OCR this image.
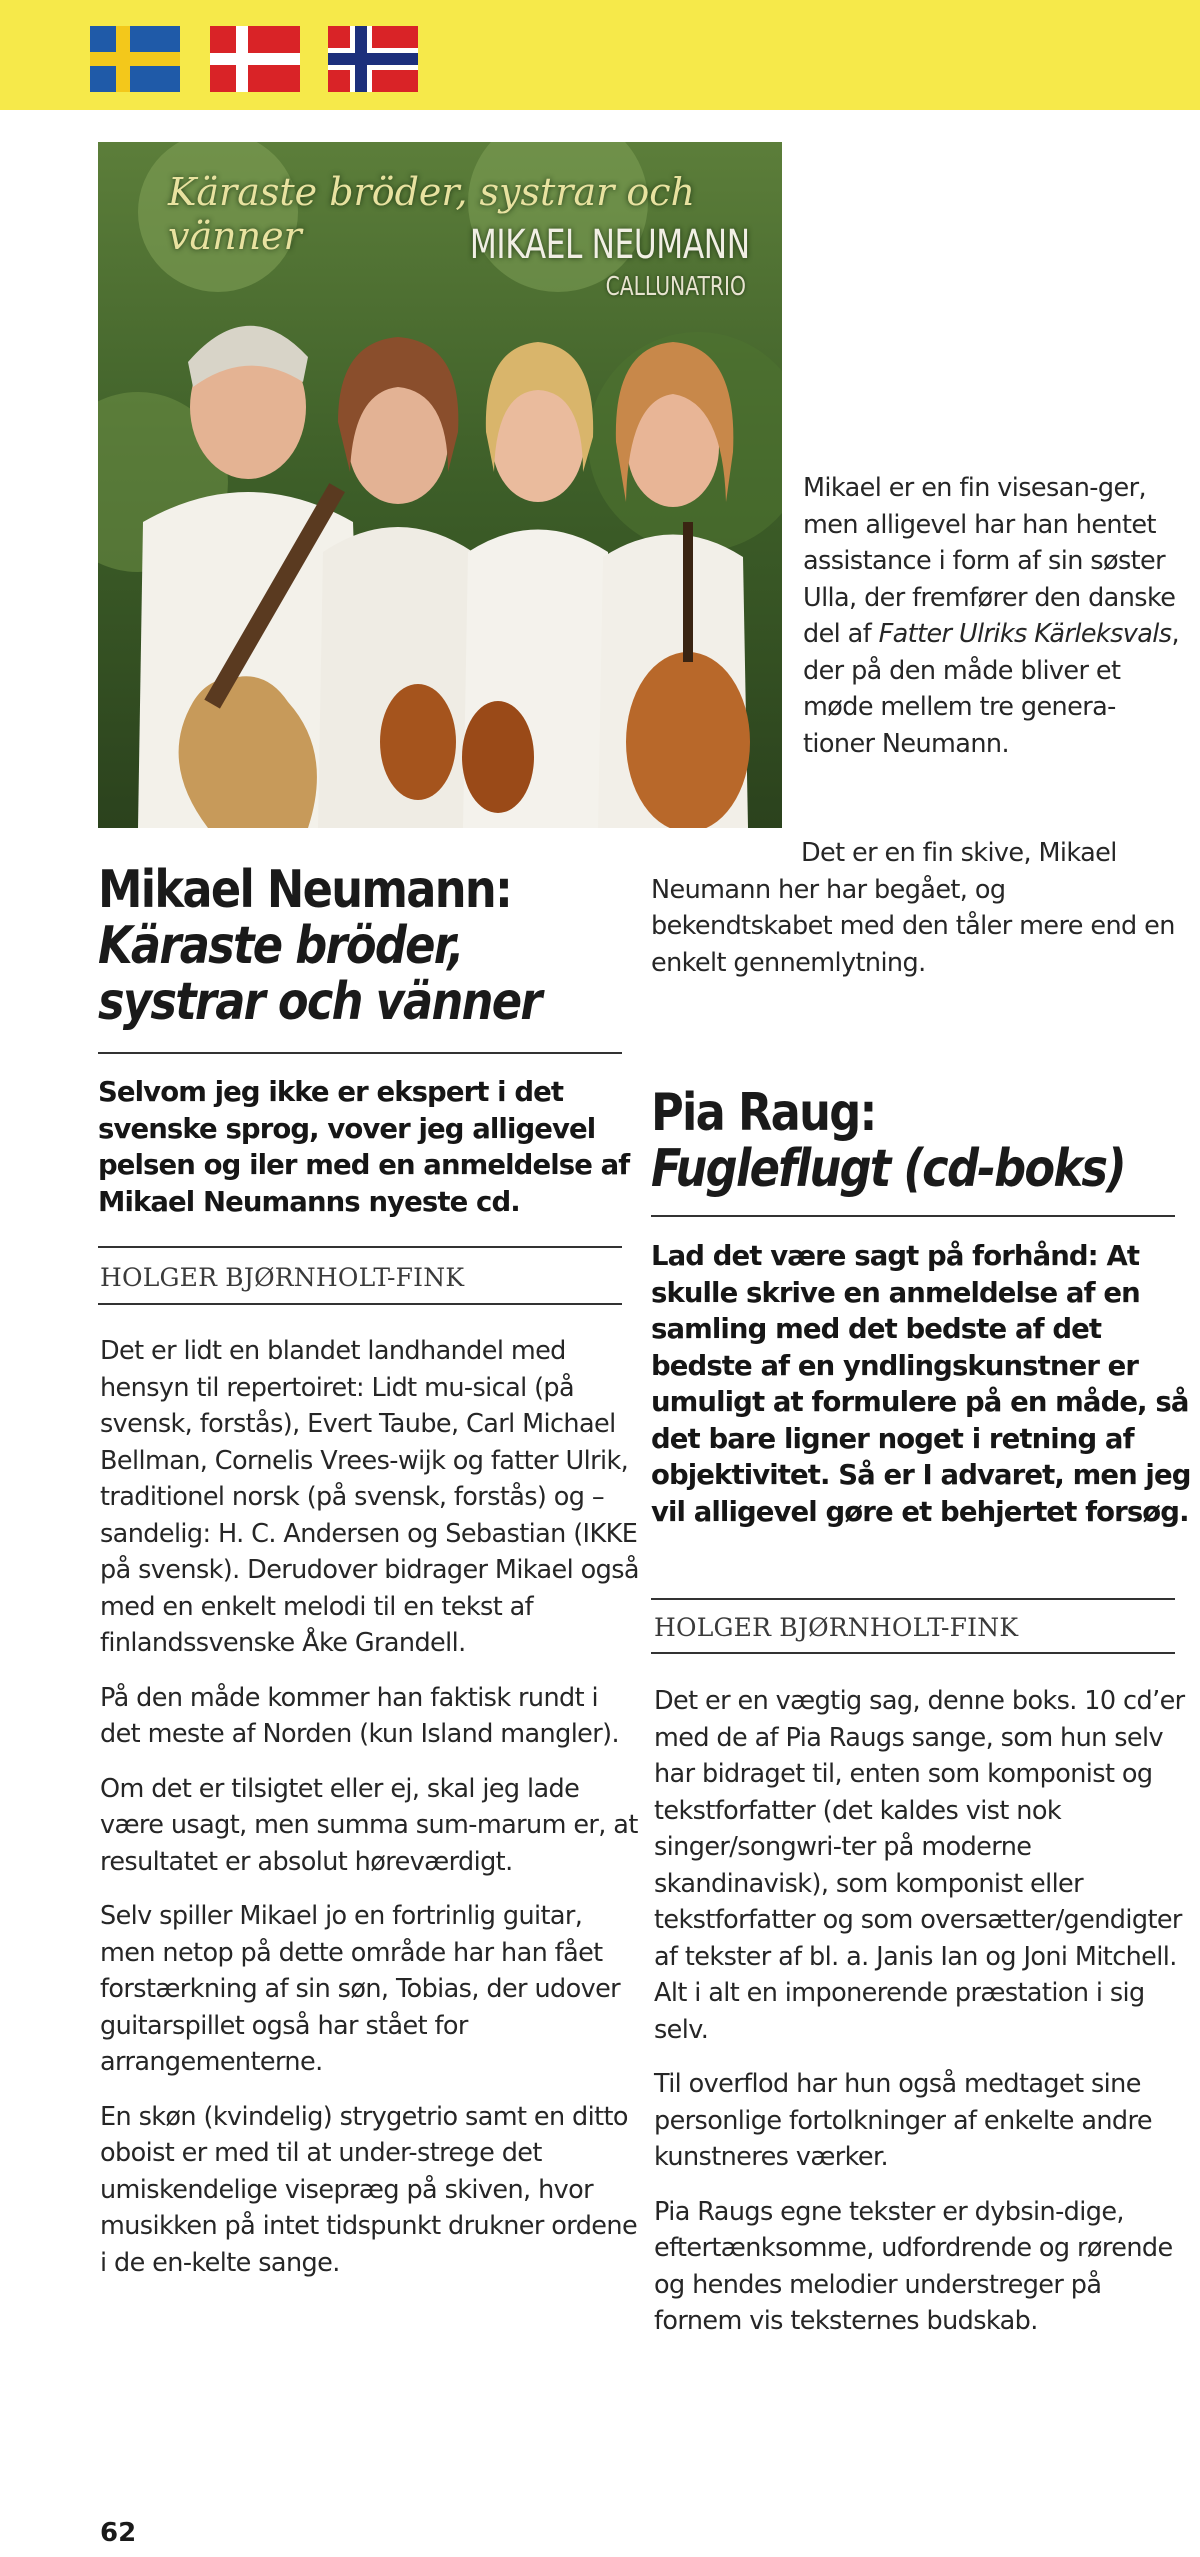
Käraste bröder, systrar och vänner	MIKAEL NEUMANN
CALLUNATRIO

Mikael er en fin visesan-ger, men alligevel har han hentet assistance i form af sin søster Ulla, der fremfører den danske del af Fatter Ulriks Kärleksvals, der på den måde bliver et møde mellem tre genera-tioner Neumann.

Det er en fin skive, Mikael Neumann her har begået, og bekendtskabet med den tåler mere end en enkelt gennemlytning.

Mikael Neumann:
Käraste bröder, systrar och vänner
Selvom jeg ikke er ekspert i det svenske sprog, vover jeg alligevel pelsen og iler med en anmeldelse af Mikael Neumanns nyeste cd.
HOLGER BJØRNHOLT-FINK

Det er lidt en blandet landhandel med hensyn til repertoiret: Lidt mu-sical (på svensk, forstås), Evert Taube, Carl Michael Bellman, Cornelis Vrees-wijk og fatter Ulrik, traditionel norsk (på svensk, forstås) og – sandelig: H. C. Andersen og Sebastian (IKKE på svensk). Derudover bidrager Mikael også med en enkelt melodi til en tekst af finlandssvenske Åke Grandell.

På den måde kommer han faktisk rundt i det meste af Norden (kun Island mangler).

Om det er tilsigtet eller ej, skal jeg lade være usagt, men summa sum-marum er, at resultatet er absolut høreværdigt.

Selv spiller Mikael jo en fortrinlig guitar, men netop på dette område har han fået forstærkning af sin søn, Tobias, der udover guitarspillet også har stået for arrangementerne.

En skøn (kvindelig) strygetrio samt en ditto oboist er med til at under-strege det umiskendelige visepræg på skiven, hvor musikken på intet tidspunkt drukner ordene i de en-kelte sange.

Pia Raug:
Fugleflugt (cd-boks)
Lad det være sagt på forhånd: At skulle skrive en anmeldelse af en samling med det bedste af det bedste af en yndlingskunstner er umuligt at formulere på en måde, så det bare ligner noget i retning af objektivitet. Så er I advaret, men jeg vil alligevel gøre et behjertet forsøg.
HOLGER BJØRNHOLT-FINK

Det er en vægtig sag, denne boks. 10 cd’er med de af Pia Raugs sange, som hun selv har bidraget til, enten som komponist og tekstforfatter (det kaldes vist nok singer/songwri-ter på moderne skandinavisk), som komponist eller tekstforfatter og som oversætter/gendigter af tekster af bl. a. Janis Ian og Joni Mitchell. Alt i alt en imponerende præstation i sig selv.

Til overflod har hun også medtaget sine personlige fortolkninger af enkelte andre kunstneres værker.

Pia Raugs egne tekster er dybsin-dige, eftertænksomme, udfordrende og rørende og hendes melodier understreger på fornem vis teksternes budskab.

62
